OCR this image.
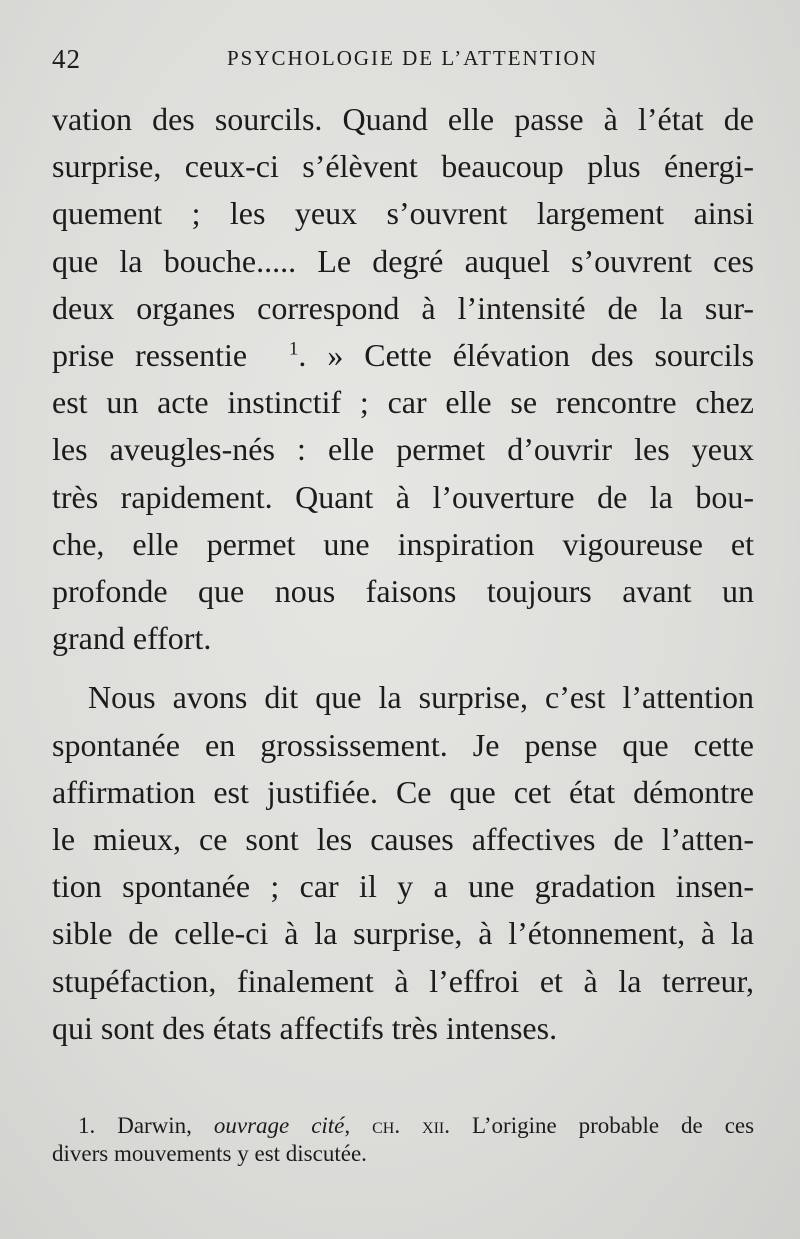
42	PSYCHOLOGIE DE L’ATTENTION
vation des sourcils. Quand elle passe à l’état de
surprise, ceux-ci s’élèvent beaucoup plus énergi-
quement ; les yeux s’ouvrent largement ainsi
que la bouche..... Le degré auquel s’ouvrent ces
deux organes correspond à l’intensité de la sur-
prise ressentie $^1$. » Cette élévation des sourcils
est un acte instinctif ; car elle se rencontre chez
les aveugles-nés : elle permet d’ouvrir les yeux
très rapidement. Quant à l’ouverture de la bou-
che, elle permet une inspiration vigoureuse et
profonde que nous faisons toujours avant un
grand effort.
Nous avons dit que la surprise, c’est l’attention
spontanée en grossissement. Je pense que cette
affirmation est justifiée. Ce que cet état démontre
le mieux, ce sont les causes affectives de l’atten-
tion spontanée ; car il y a une gradation insen-
sible de celle-ci à la surprise, à l’étonnement, à la
stupéfaction, finalement à l’effroi et à la terreur,
qui sont des états affectifs très intenses.
1. Darwin, ouvrage cité, ch. xii. L’origine probable de ces
divers mouvements y est discutée.
